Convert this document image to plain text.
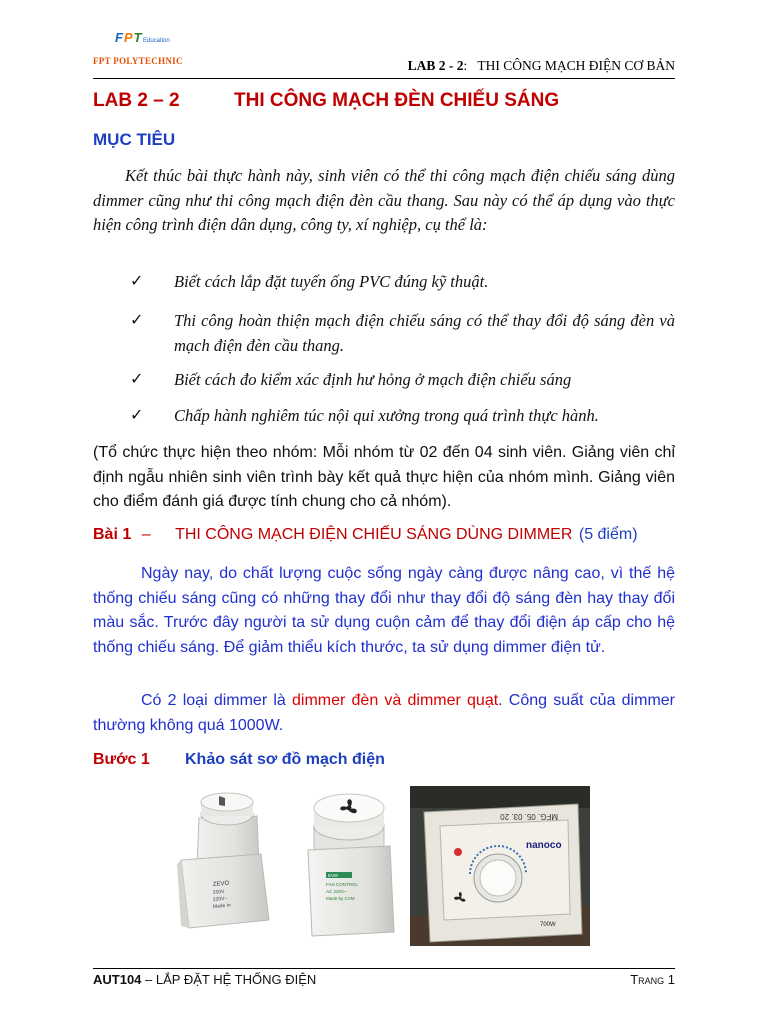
FPT Education
FPT POLYTECHNIC	LAB 2 - 2: THI CÔNG MẠCH ĐIỆN CƠ BẢN
LAB 2 – 2	THI CÔNG MẠCH ĐÈN CHIẾU SÁNG
MỤC TIÊU
Kết thúc bài thực hành này, sinh viên có thể thi công mạch điện chiếu sáng dùng dimmer cũng như thi công mạch điện đèn cầu thang. Sau này có thể áp dụng vào thực hiện công trình điện dân dụng, công ty, xí nghiệp, cụ thể là:
✓ Biết cách lắp đặt tuyến ống PVC đúng kỹ thuật.
✓ Thi công hoàn thiện mạch điện chiếu sáng có thể thay đổi độ sáng đèn và mạch điện đèn cầu thang.
✓ Biết cách đo kiểm xác định hư hỏng ở mạch điện chiếu sáng
✓ Chấp hành nghiêm túc nội qui xưởng trong quá trình thực hành.
(Tổ chức thực hiện theo nhóm: Mỗi nhóm từ 02 đến 04 sinh viên. Giảng viên chỉ định ngẫu nhiên sinh viên trình bày kết quả thực hiện của nhóm mình. Giảng viên cho điểm đánh giá được tính chung cho cả nhóm).
Bài 1 – THI CÔNG MẠCH ĐIỆN CHIẾU SÁNG DÙNG DIMMER (5 điểm)
Ngày nay, do chất lượng cuộc sống ngày càng được nâng cao, vì thế hệ thống chiếu sáng cũng có những thay đổi như thay đổi độ sáng đèn hay thay đổi màu sắc. Trước đây người ta sử dụng cuộn cảm để thay đổi điện áp cấp cho hệ thống chiếu sáng. Để giảm thiểu kích thước, ta sử dụng dimmer điện tử.
Có 2 loại dimmer là dimmer đèn và dimmer quạt. Công suất của dimmer thường không quá 1000W.
Bước 1 Khảo sát sơ đồ mạch điện
ZEVO
250V
220V~
Made in
EVM
FAN CONTROL
AC 220V~
Made by CVM
MFG. 05. 03. 20
nanoco
700W
AUT104 – LẮP ĐẶT HỆ THỐNG ĐIỆN	Trang 1
